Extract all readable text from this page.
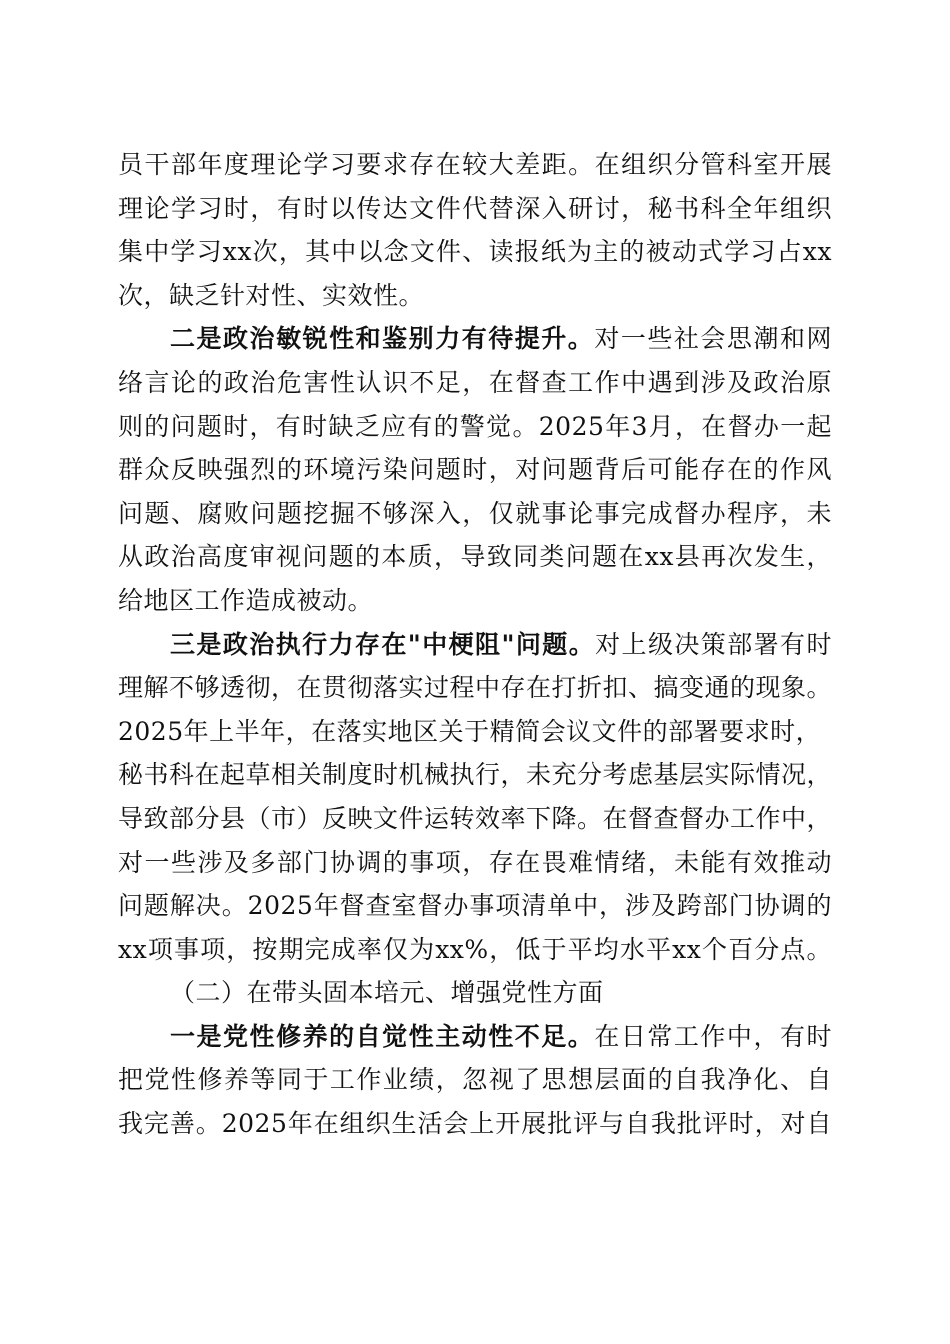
员干部年度理论学习要求存在较大差距。在组织分管科室开展
理论学习时，有时以传达文件代替深入研讨，秘书科全年组织
集中学习xx次，其中以念文件、读报纸为主的被动式学习占xx
次，缺乏针对性、实效性。
二是政治敏锐性和鉴别力有待提升。对一些社会思潮和网
络言论的政治危害性认识不足，在督查工作中遇到涉及政治原
则的问题时，有时缺乏应有的警觉。2025年3月，在督办一起
群众反映强烈的环境污染问题时，对问题背后可能存在的作风
问题、腐败问题挖掘不够深入，仅就事论事完成督办程序，未
从政治高度审视问题的本质，导致同类问题在xx县再次发生，
给地区工作造成被动。
三是政治执行力存在"中梗阻"问题。对上级决策部署有时
理解不够透彻，在贯彻落实过程中存在打折扣、搞变通的现象。
2025年上半年，在落实地区关于精简会议文件的部署要求时，
秘书科在起草相关制度时机械执行，未充分考虑基层实际情况，
导致部分县（市）反映文件运转效率下降。在督查督办工作中，
对一些涉及多部门协调的事项，存在畏难情绪，未能有效推动
问题解决。2025年督查室督办事项清单中，涉及跨部门协调的
xx项事项，按期完成率仅为xx%，低于平均水平xx个百分点。
（二）在带头固本培元、增强党性方面
一是党性修养的自觉性主动性不足。在日常工作中，有时
把党性修养等同于工作业绩，忽视了思想层面的自我净化、自
我完善。2025年在组织生活会上开展批评与自我批评时，对自
